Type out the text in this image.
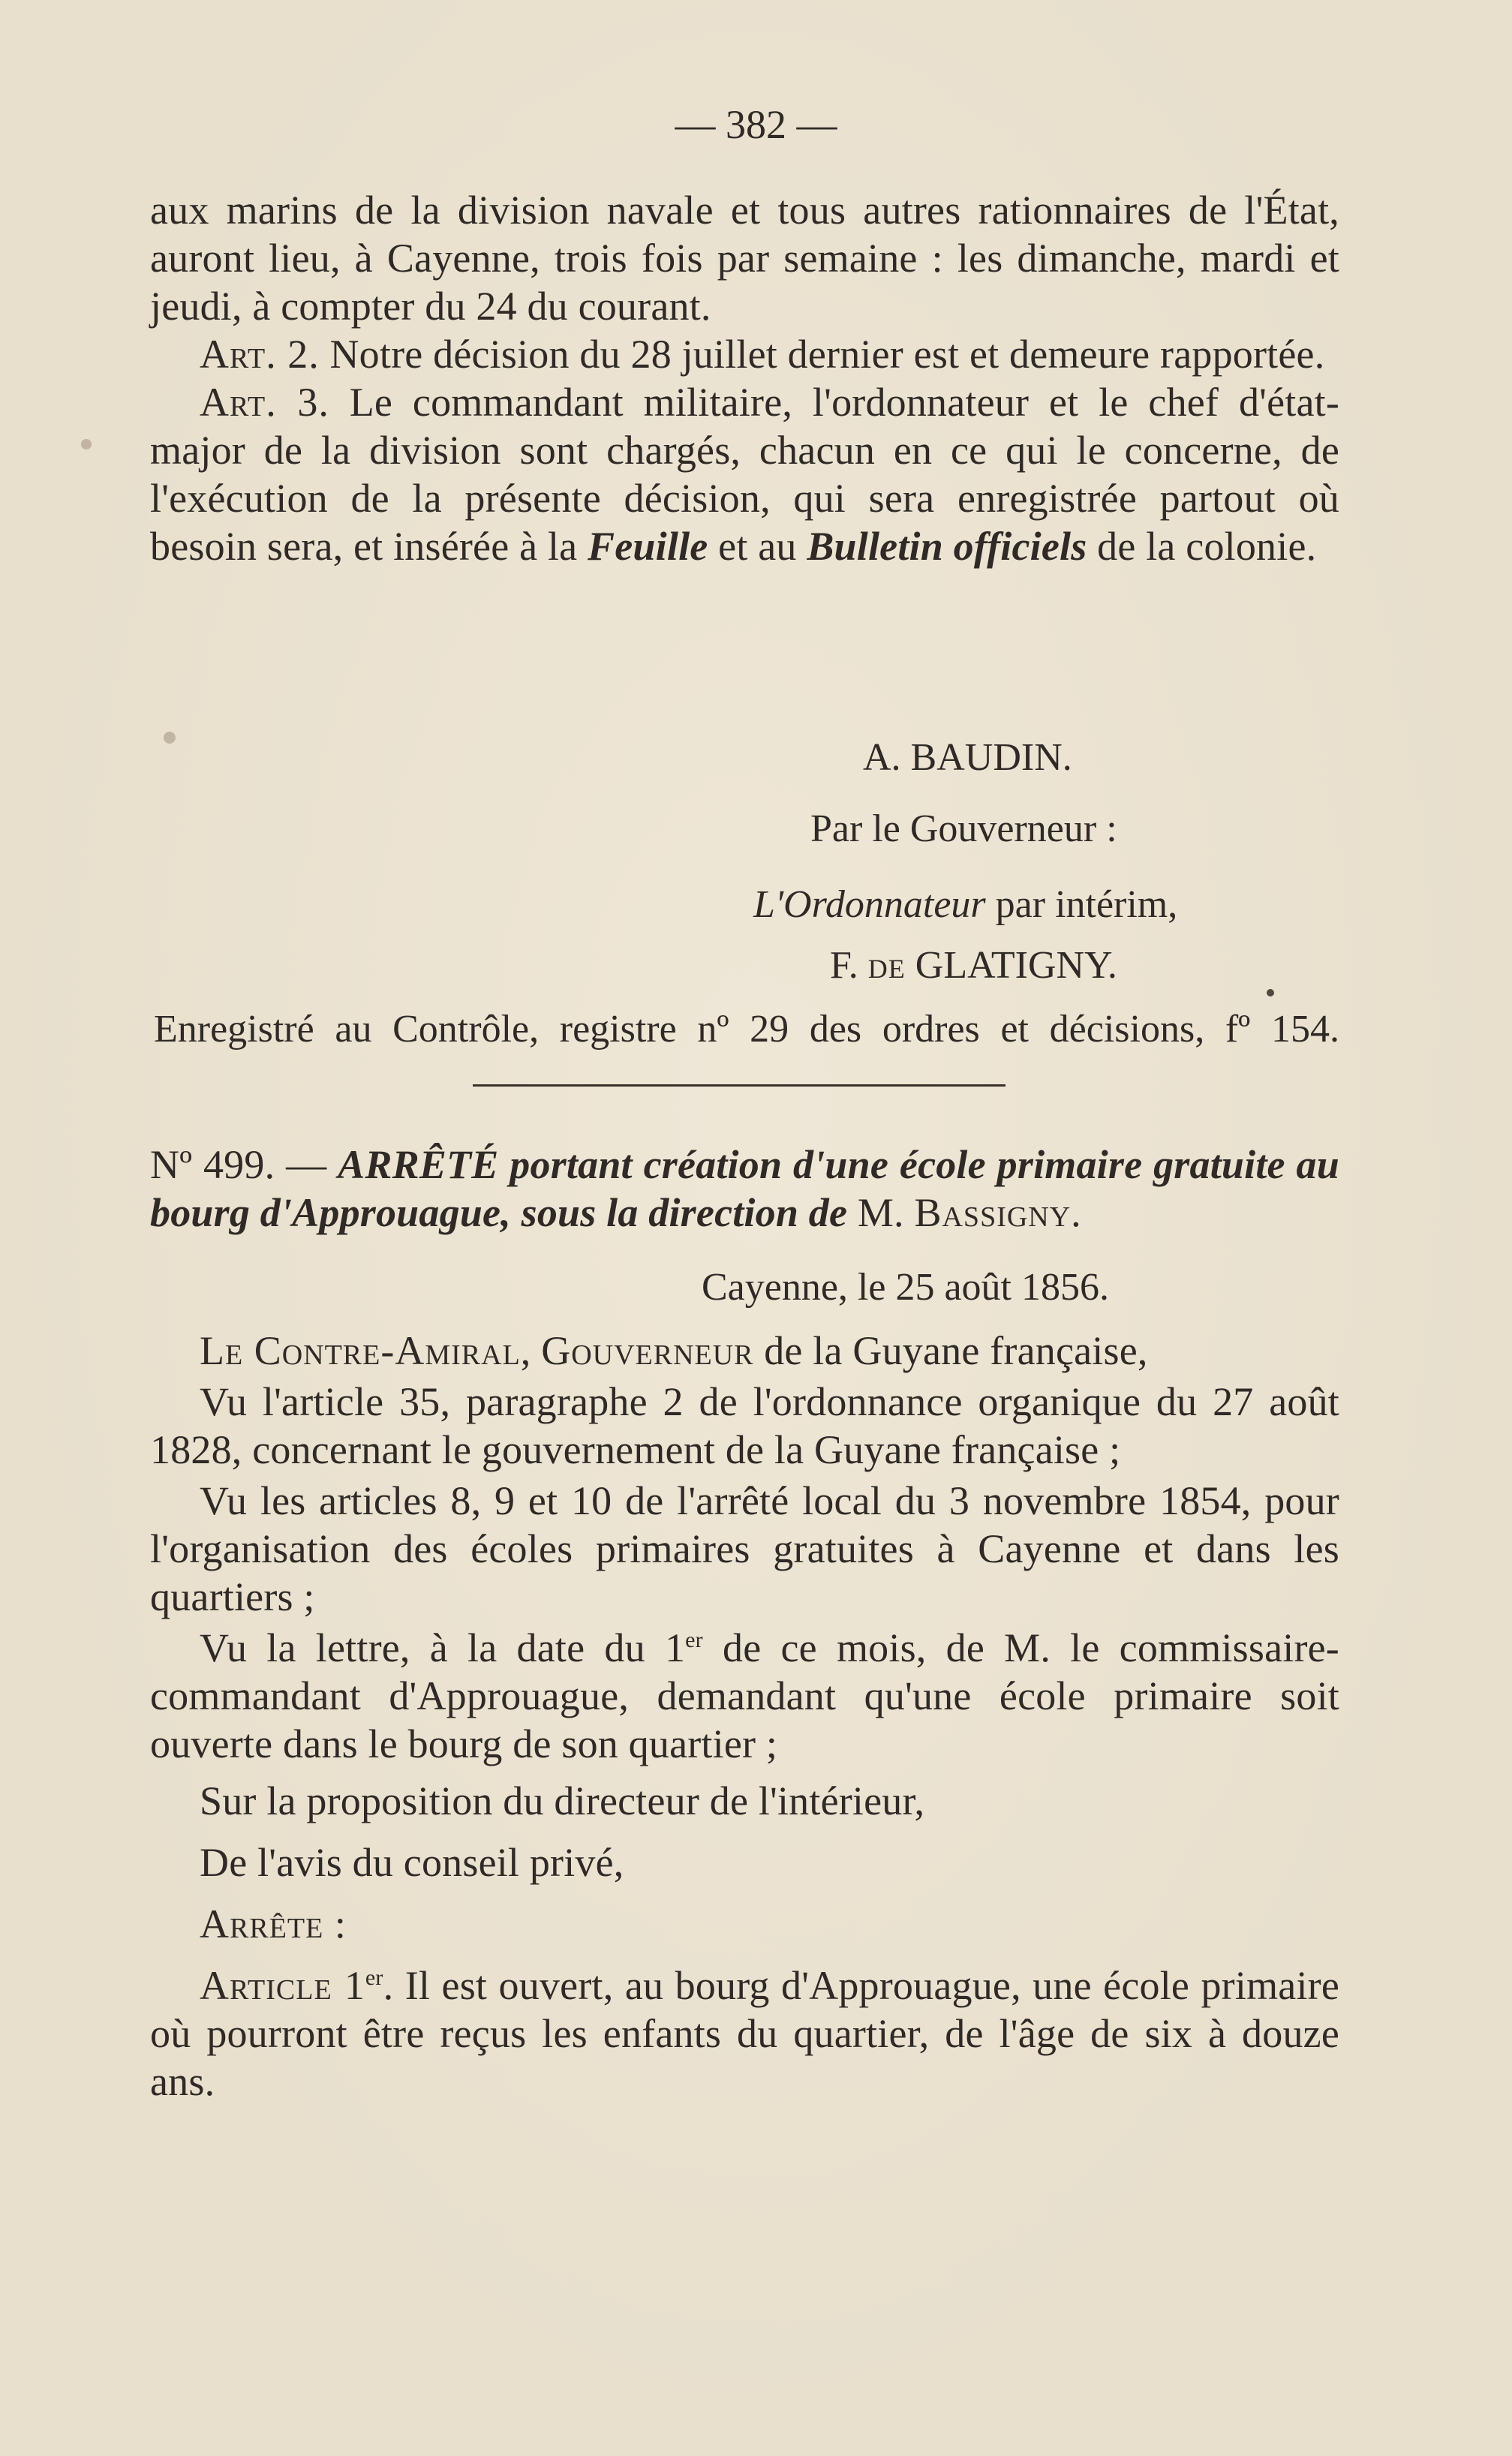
— 382 —

aux marins de la division navale et tous autres rationnaires de l'État, auront lieu, à Cayenne, trois fois par semaine : les dimanche, mardi et jeudi, à compter du 24 du courant.

Art. 2. Notre décision du 28 juillet dernier est et demeure rapportée.

Art. 3. Le commandant militaire, l'ordonnateur et le chef d'état-major de la division sont chargés, chacun en ce qui le concerne, de l'exécution de la présente décision, qui sera enregistrée partout où besoin sera, et insérée à la Feuille et au Bulletin officiels de la colonie.

A. BAUDIN.
Par le Gouverneur :
L'Ordonnateur par intérim,
F. de GLATIGNY.
Enregistré au Contrôle, registre nº 29 des ordres et décisions, fº 154.

Nº 499. — ARRÊTÉ portant création d'une école primaire gratuite au bourg d'Approuague, sous la direction de M. Bassigny.

Cayenne, le 25 août 1856.

Le Contre-Amiral, Gouverneur de la Guyane française,

Vu l'article 35, paragraphe 2 de l'ordonnance organique du 27 août 1828, concernant le gouvernement de la Guyane française ;

Vu les articles 8, 9 et 10 de l'arrêté local du 3 novembre 1854, pour l'organisation des écoles primaires gratuites à Cayenne et dans les quartiers ;

Vu la lettre, à la date du 1er de ce mois, de M. le commissaire-commandant d'Approuague, demandant qu'une école primaire soit ouverte dans le bourg de son quartier ;

Sur la proposition du directeur de l'intérieur,

De l'avis du conseil privé,

Arrête :

Article 1er. Il est ouvert, au bourg d'Approuague, une école primaire où pourront être reçus les enfants du quartier, de l'âge de six à douze ans.
